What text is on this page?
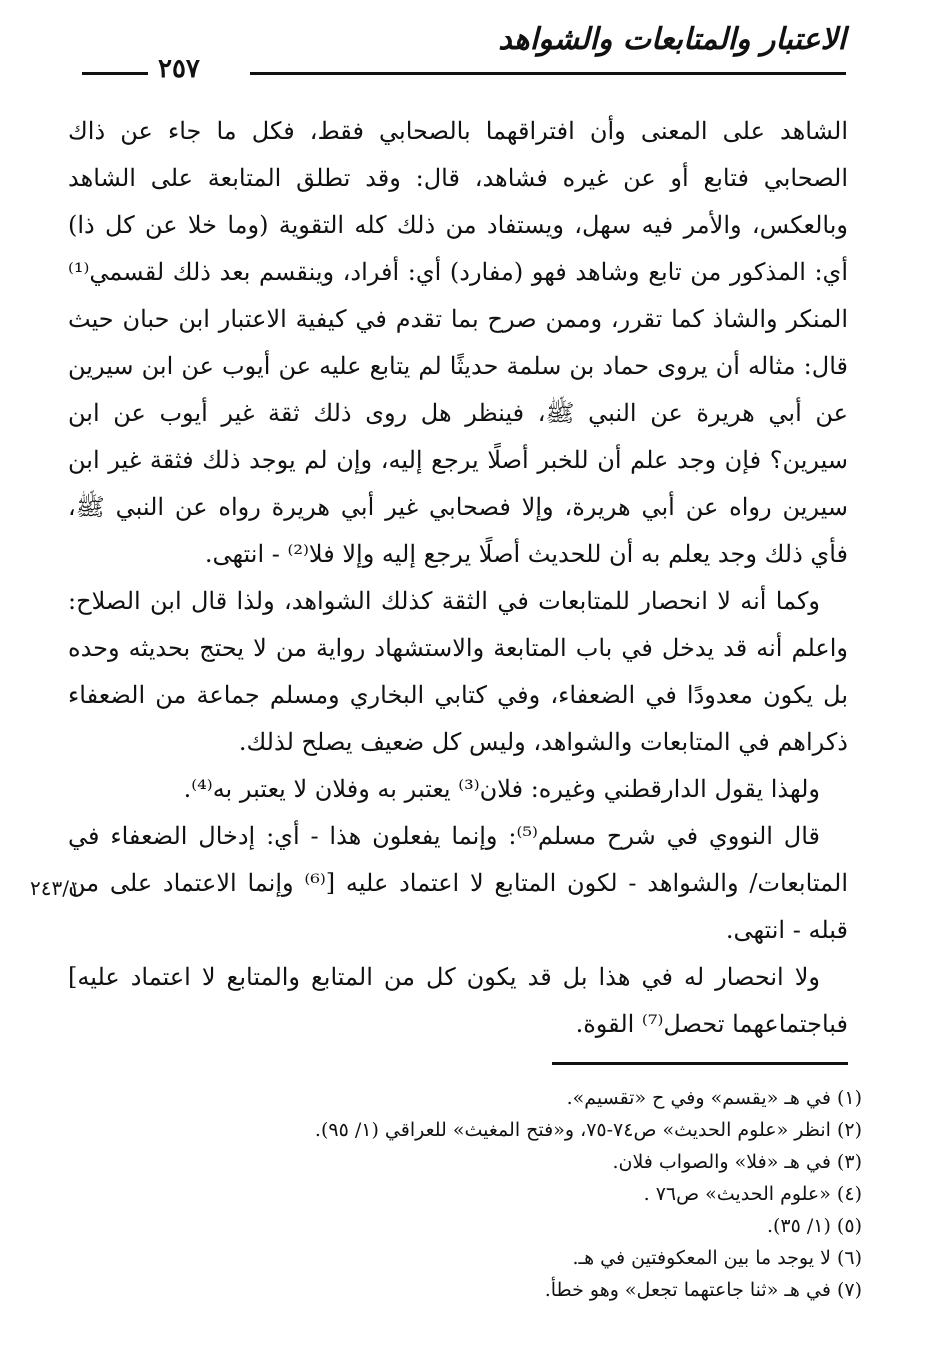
الاعتبار والمتابعات والشواهد
٢٥٧

الشاهد على المعنى وأن افتراقهما بالصحابي فقط، فكل ما جاء عن ذاك الصحابي فتابع أو عن غيره فشاهد، قال: وقد تطلق المتابعة على الشاهد وبالعكس، والأمر فيه سهل، ويستفاد من ذلك كله التقوية (وما خلا عن كل ذا) أي: المذكور من تابع وشاهد فهو (مفارد) أي: أفراد، وينقسم بعد ذلك لقسمي⁽¹⁾ المنكر والشاذ كما تقرر، وممن صرح بما تقدم في كيفية الاعتبار ابن حبان حيث قال: مثاله أن يروى حماد بن سلمة حديثًا لم يتابع عليه عن أيوب عن ابن سيرين عن أبي هريرة عن النبي ﷺ، فينظر هل روى ذلك ثقة غير أيوب عن ابن سيرين؟ فإن وجد علم أن للخبر أصلًا يرجع إليه، وإن لم يوجد ذلك فثقة غير ابن سيرين رواه عن أبي هريرة، وإلا فصحابي غير أبي هريرة رواه عن النبي ﷺ، فأي ذلك وجد يعلم به أن للحديث أصلًا يرجع إليه وإلا فلا⁽²⁾ - انتهى.

وكما أنه لا انحصار للمتابعات في الثقة كذلك الشواهد، ولذا قال ابن الصلاح: واعلم أنه قد يدخل في باب المتابعة والاستشهاد رواية من لا يحتج بحديثه وحده بل يكون معدودًا في الضعفاء، وفي كتابي البخاري ومسلم جماعة من الضعفاء ذكراهم في المتابعات والشواهد، وليس كل ضعيف يصلح لذلك.

ولهذا يقول الدارقطني وغيره: فلان⁽³⁾ يعتبر به وفلان لا يعتبر به⁽⁴⁾.

قال النووي في شرح مسلم⁽⁵⁾: وإنما يفعلون هذا - أي: إدخال الضعفاء في المتابعات/ والشواهد - لكون المتابع لا اعتماد عليه [⁽⁶⁾ وإنما الاعتماد على من قبله - انتهى.

ولا انحصار له في هذا بل قد يكون كل من المتابع والمتابع لا اعتماد عليه] فباجتماعهما تحصل⁽⁷⁾ القوة.

٢٤٣/١
(١) في هـ «يقسم» وفي ح «تقسيم».
(٢) انظر «علوم الحديث» ص٧٤-٧٥، و«فتح المغيث» للعراقي (١/ ٩٥).
(٣) في هـ «فلا» والصواب فلان.
(٤) «علوم الحديث» ص٧٦ .
(٥) (١/ ٣٥).
(٦) لا يوجد ما بين المعكوفتين في هـ.
(٧) في هـ «ثنا جاعتهما تجعل» وهو خطأ.
